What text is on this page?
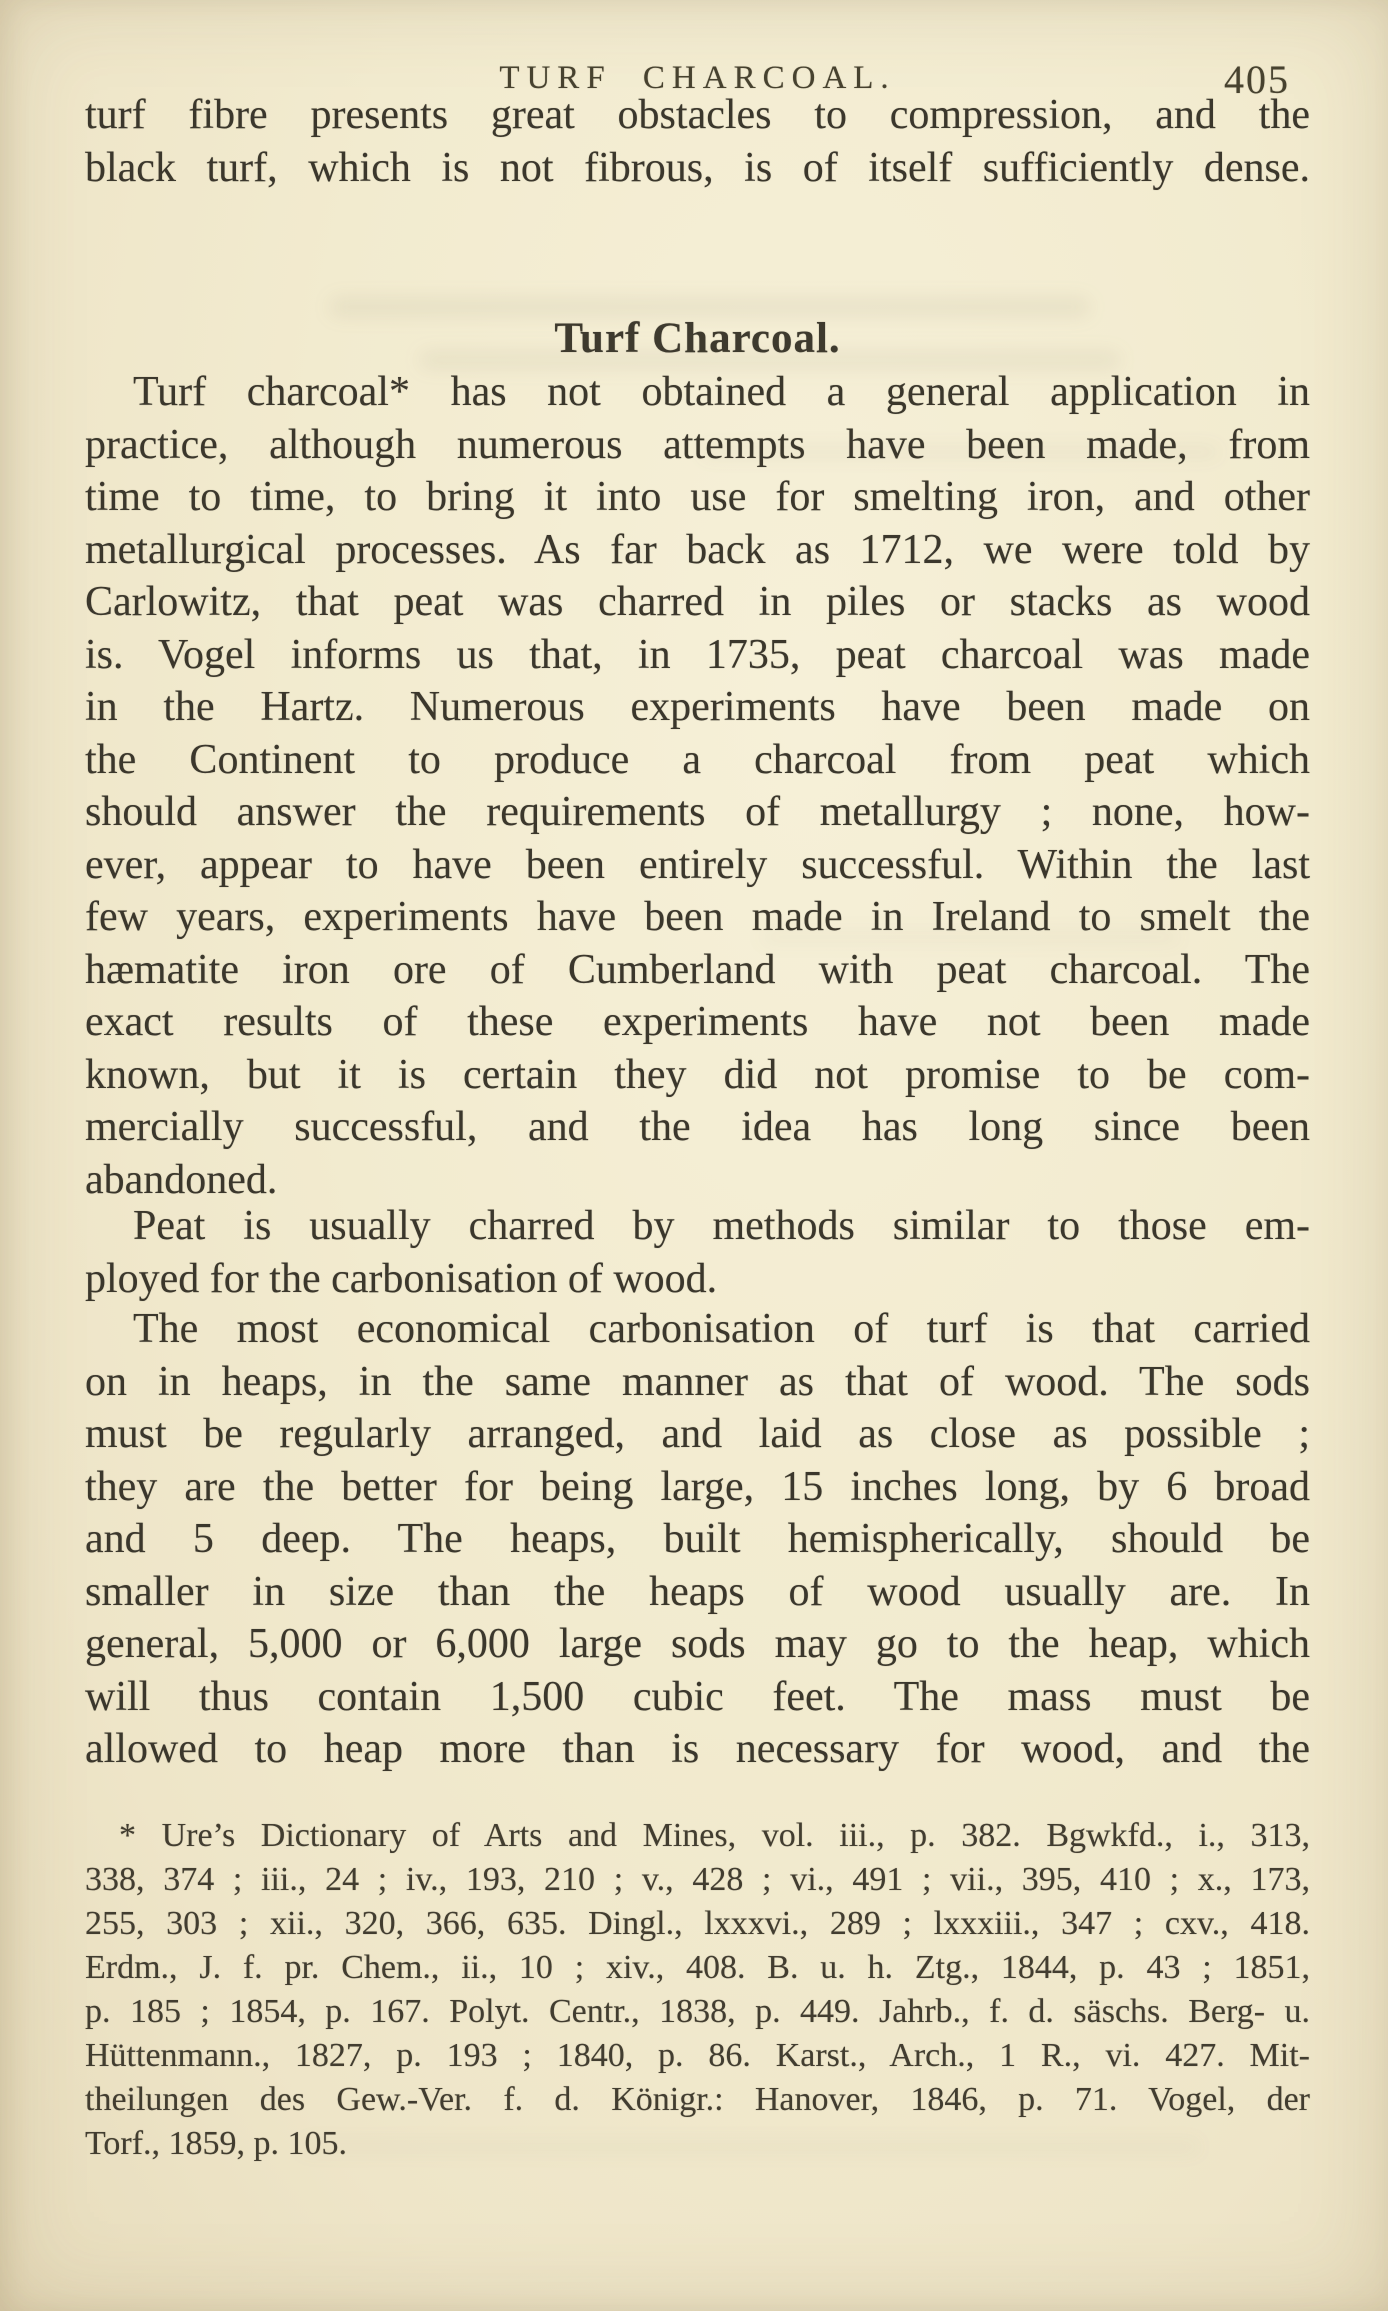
TURF CHARCOAL.	405
turf fibre presents great obstacles to compression, and the
black turf, which is not fibrous, is of itself sufficiently dense.
Turf Charcoal.
Turf charcoal* has not obtained a general application in
practice, although numerous attempts have been made, from
time to time, to bring it into use for smelting iron, and other
metallurgical processes. As far back as 1712, we were told by
Carlowitz, that peat was charred in piles or stacks as wood
is. Vogel informs us that, in 1735, peat charcoal was made
in the Hartz. Numerous experiments have been made on
the Continent to produce a charcoal from peat which
should answer the requirements of metallurgy ; none, how-
ever, appear to have been entirely successful. Within the last
few years, experiments have been made in Ireland to smelt the
hæmatite iron ore of Cumberland with peat charcoal. The
exact results of these experiments have not been made
known, but it is certain they did not promise to be com-
mercially successful, and the idea has long since been
abandoned.
Peat is usually charred by methods similar to those em-
ployed for the carbonisation of wood.
The most economical carbonisation of turf is that carried
on in heaps, in the same manner as that of wood. The sods
must be regularly arranged, and laid as close as possible ;
they are the better for being large, 15 inches long, by 6 broad
and 5 deep. The heaps, built hemispherically, should be
smaller in size than the heaps of wood usually are. In
general, 5,000 or 6,000 large sods may go to the heap, which
will thus contain 1,500 cubic feet. The mass must be
allowed to heap more than is necessary for wood, and the
* Ure’s Dictionary of Arts and Mines, vol. iii., p. 382. Bgwkfd., i., 313,
338, 374 ; iii., 24 ; iv., 193, 210 ; v., 428 ; vi., 491 ; vii., 395, 410 ; x., 173,
255, 303 ; xii., 320, 366, 635. Dingl., lxxxvi., 289 ; lxxxiii., 347 ; cxv., 418.
Erdm., J. f. pr. Chem., ii., 10 ; xiv., 408. B. u. h. Ztg., 1844, p. 43 ; 1851,
p. 185 ; 1854, p. 167. Polyt. Centr., 1838, p. 449. Jahrb., f. d. säschs. Berg- u.
Hüttenmann., 1827, p. 193 ; 1840, p. 86. Karst., Arch., 1 R., vi. 427. Mit-
theilungen des Gew.-Ver. f. d. Königr.: Hanover, 1846, p. 71. Vogel, der
Torf., 1859, p. 105.
